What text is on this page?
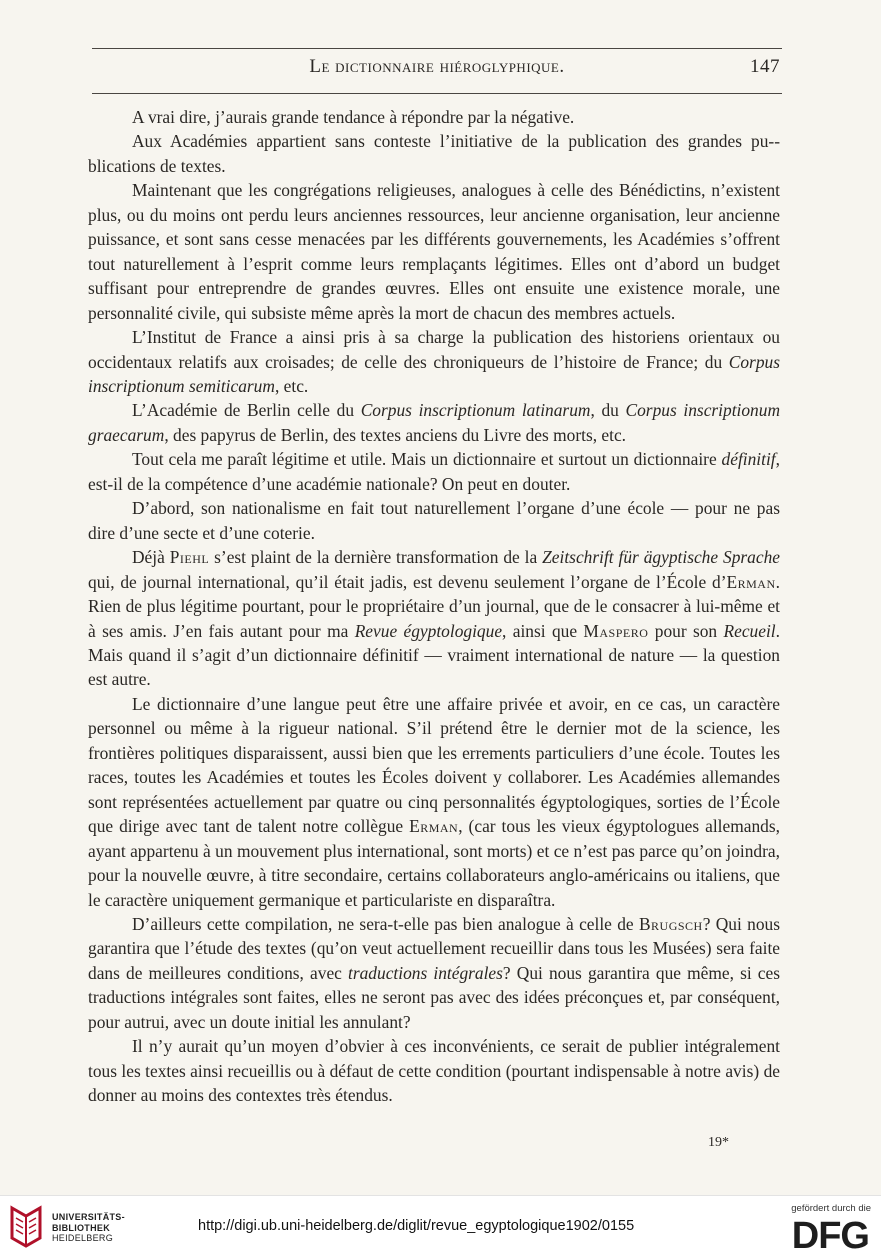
Le dictionnaire hiéroglyphique.	147

A vrai dire, j’aurais grande tendance à répondre par la négative.

Aux Académies appartient sans conteste l’initiative de la publication des grandes pu-blications de textes.

Maintenant que les congrégations religieuses, analogues à celle des Bénédictins, n’existent plus, ou du moins ont perdu leurs anciennes ressources, leur ancienne organisation, leur ancienne puissance, et sont sans cesse menacées par les différents gouvernements, les Académies s’offrent tout naturellement à l’esprit comme leurs remplaçants légitimes. Elles ont d’abord un budget suffisant pour entreprendre de grandes œuvres. Elles ont ensuite une existence morale, une personnalité civile, qui subsiste même après la mort de chacun des membres actuels.

L’Institut de France a ainsi pris à sa charge la publication des historiens orientaux ou occidentaux relatifs aux croisades; de celle des chroniqueurs de l’histoire de France; du Corpus inscriptionum semiticarum, etc.

L’Académie de Berlin celle du Corpus inscriptionum latinarum, du Corpus inscriptionum graecarum, des papyrus de Berlin, des textes anciens du Livre des morts, etc.

Tout cela me paraît légitime et utile. Mais un dictionnaire et surtout un dictionnaire définitif, est-il de la compétence d’une académie nationale? On peut en douter.

D’abord, son nationalisme en fait tout naturellement l’organe d’une école — pour ne pas dire d’une secte et d’une coterie.

Déjà Piehl s’est plaint de la dernière transformation de la Zeitschrift für ägyptische Sprache qui, de journal international, qu’il était jadis, est devenu seulement l’organe de l’École d’Erman. Rien de plus légitime pourtant, pour le propriétaire d’un journal, que de le consacrer à lui-même et à ses amis. J’en fais autant pour ma Revue égyptologique, ainsi que Maspero pour son Recueil. Mais quand il s’agit d’un dictionnaire définitif — vraiment international de nature — la question est autre.

Le dictionnaire d’une langue peut être une affaire privée et avoir, en ce cas, un caractère personnel ou même à la rigueur national. S’il prétend être le dernier mot de la science, les frontières politiques disparaissent, aussi bien que les errements particuliers d’une école. Toutes les races, toutes les Académies et toutes les Écoles doivent y collaborer. Les Académies allemandes sont représentées actuellement par quatre ou cinq personnalités égyptologiques, sorties de l’École que dirige avec tant de talent notre collègue Erman, (car tous les vieux égyptologues allemands, ayant appartenu à un mouvement plus international, sont morts) et ce n’est pas parce qu’on joindra, pour la nouvelle œuvre, à titre secondaire, certains collaborateurs anglo-américains ou italiens, que le caractère uniquement germanique et particulariste en disparaîtra.

D’ailleurs cette compilation, ne sera-t-elle pas bien analogue à celle de Brugsch? Qui nous garantira que l’étude des textes (qu’on veut actuellement recueillir dans tous les Musées) sera faite dans de meilleures conditions, avec traductions intégrales? Qui nous garantira que même, si ces traductions intégrales sont faites, elles ne seront pas avec des idées préconçues et, par conséquent, pour autrui, avec un doute initial les annulant?

Il n’y aurait qu’un moyen d’obvier à ces inconvénients, ce serait de publier intégralement tous les textes ainsi recueillis ou à défaut de cette condition (pourtant indispensable à notre avis) de donner au moins des contextes très étendus.

19*
UNIVERSITÄTS-
BIBLIOTHEK
HEIDELBERG
http://digi.ub.uni-heidelberg.de/diglit/revue_egyptologique1902/0155
gefördert durch die
DFG
